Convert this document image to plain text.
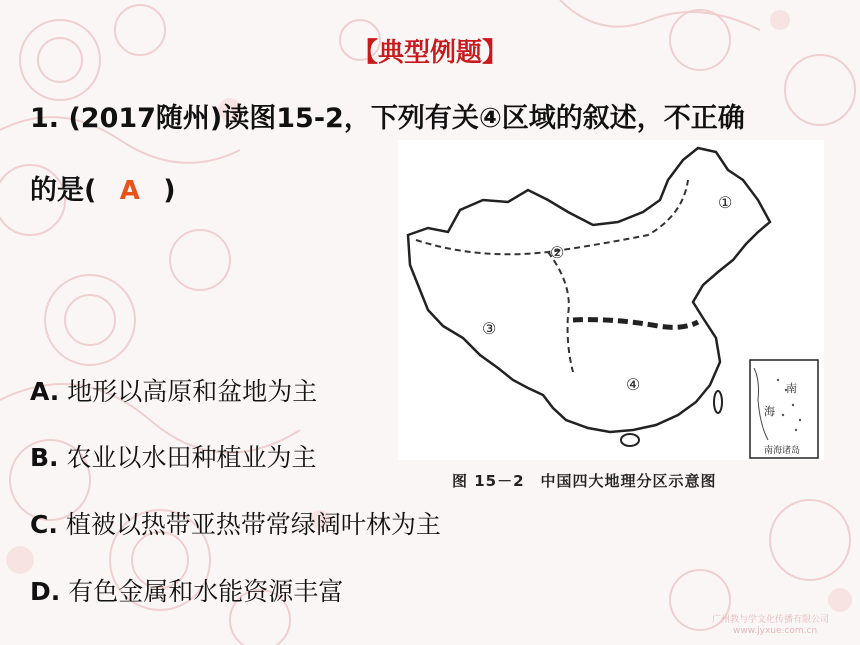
【典型例题】
1. (2017随州)读图15-2，下列有关④区域的叙述，不正确
的是( A )
A. 地形以高原和盆地为主
B. 农业以水田种植业为主
C. 植被以热带亚热带常绿阔叶林为主
D. 有色金属和水能资源丰富
①
②
③
④	南
海
南海诸岛
图 15－2　中国四大地理分区示意图
广州教与学文化传播有限公司
www.jyxue.com.cn
